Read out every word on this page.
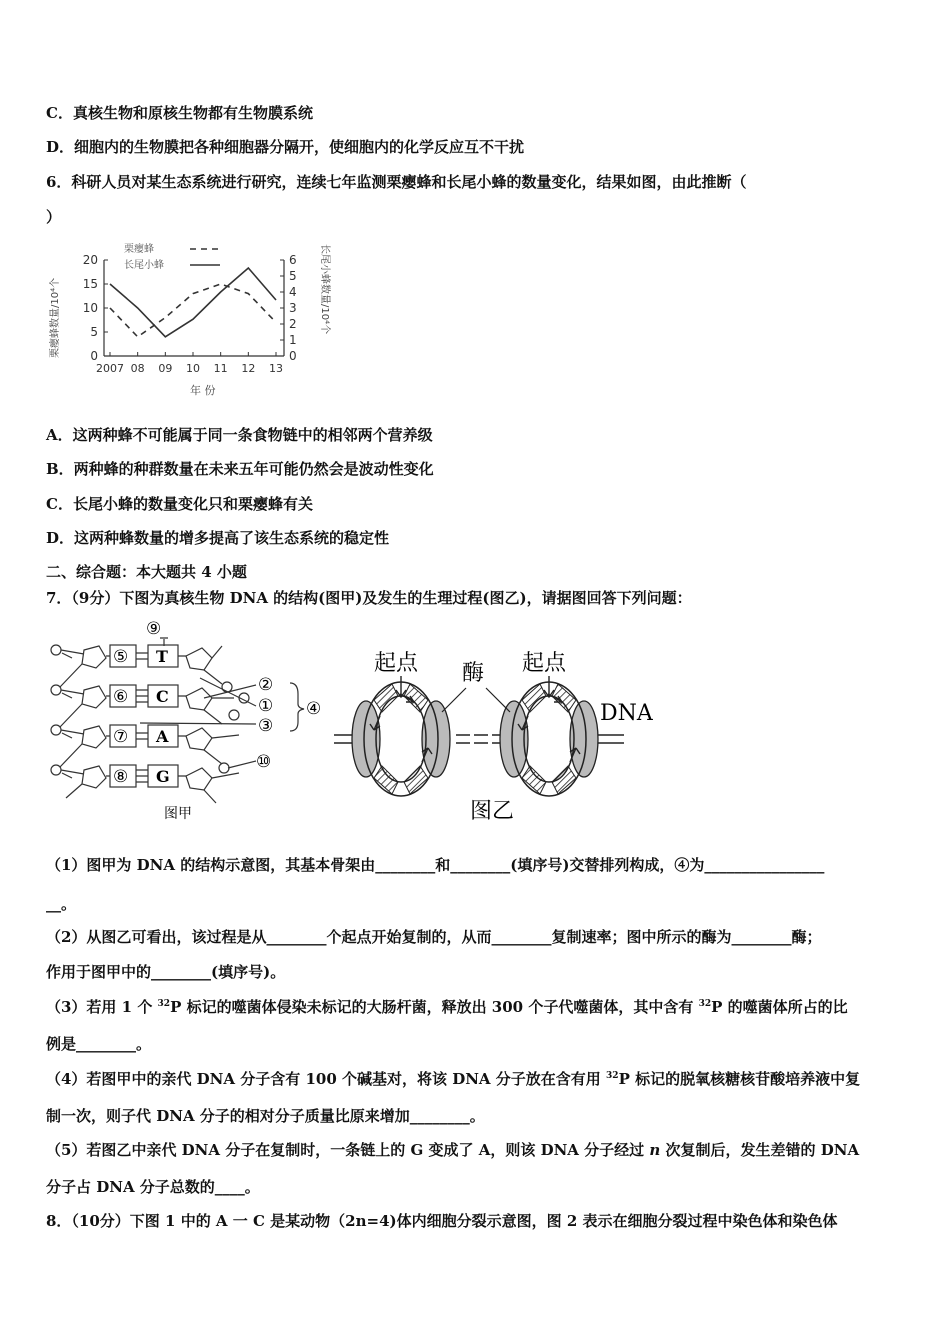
C．真核生物和原核生物都有生物膜系统
D．细胞内的生物膜把各种细胞器分隔开，使细胞内的化学反应互不干扰
6．科研人员对某生态系统进行研究，连续七年监测栗瘿蜂和长尾小蜂的数量变化，结果如图，由此推断（
）
栗瘿蜂数量/10⁴个	长尾小蜂数量/10⁴个
0
5
10
15
20
0
1
2
3
4
5
6
2007 08 09 10 11 12 13
栗瘿蜂
长尾小蜂
年 份
A．这两种蜂不可能属于同一条食物链中的相邻两个营养级
B．两种蜂的种群数量在未来五年可能仍然会是波动性变化
C．长尾小蜂的数量变化只和栗瘿蜂有关
D．这两种蜂数量的增多提高了该生态系统的稳定性
二、综合题：本大题共 4 小题
7．（9分）下图为真核生物 DNA 的结构(图甲)及发生的生理过程(图乙)，请据图回答下列问题：
⑨
⑤
⑥
⑦
⑧
T
C
A
G
②
①
③
④
⑩
图甲
起点 酶 起点
DNA
图乙
（1）图甲为 DNA 的结构示意图，其基本骨架由________和________(填序号)交替排列构成，④为________________
__。
（2）从图乙可看出，该过程是从________个起点开始复制的，从而________复制速率；图中所示的酶为________酶；
作用于图甲中的________(填序号)。
（3）若用 1 个 $^{32}$P 标记的噬菌体侵染未标记的大肠杆菌，释放出 300 个子代噬菌体，其中含有 $^{32}$P 的噬菌体所占的比
例是________。
（4）若图甲中的亲代 DNA 分子含有 100 个碱基对，将该 DNA 分子放在含有用 $^{32}$P 标记的脱氧核糖核苷酸培养液中复
制一次，则子代 DNA 分子的相对分子质量比原来增加________。
（5）若图乙中亲代 DNA 分子在复制时，一条链上的 G 变成了 A，则该 DNA 分子经过 n 次复制后，发生差错的 DNA
分子占 DNA 分子总数的____。
8．（10分）下图 1 中的 A 一 C 是某动物（2n=4)体内细胞分裂示意图，图 2 表示在细胞分裂过程中染色体和染色体
